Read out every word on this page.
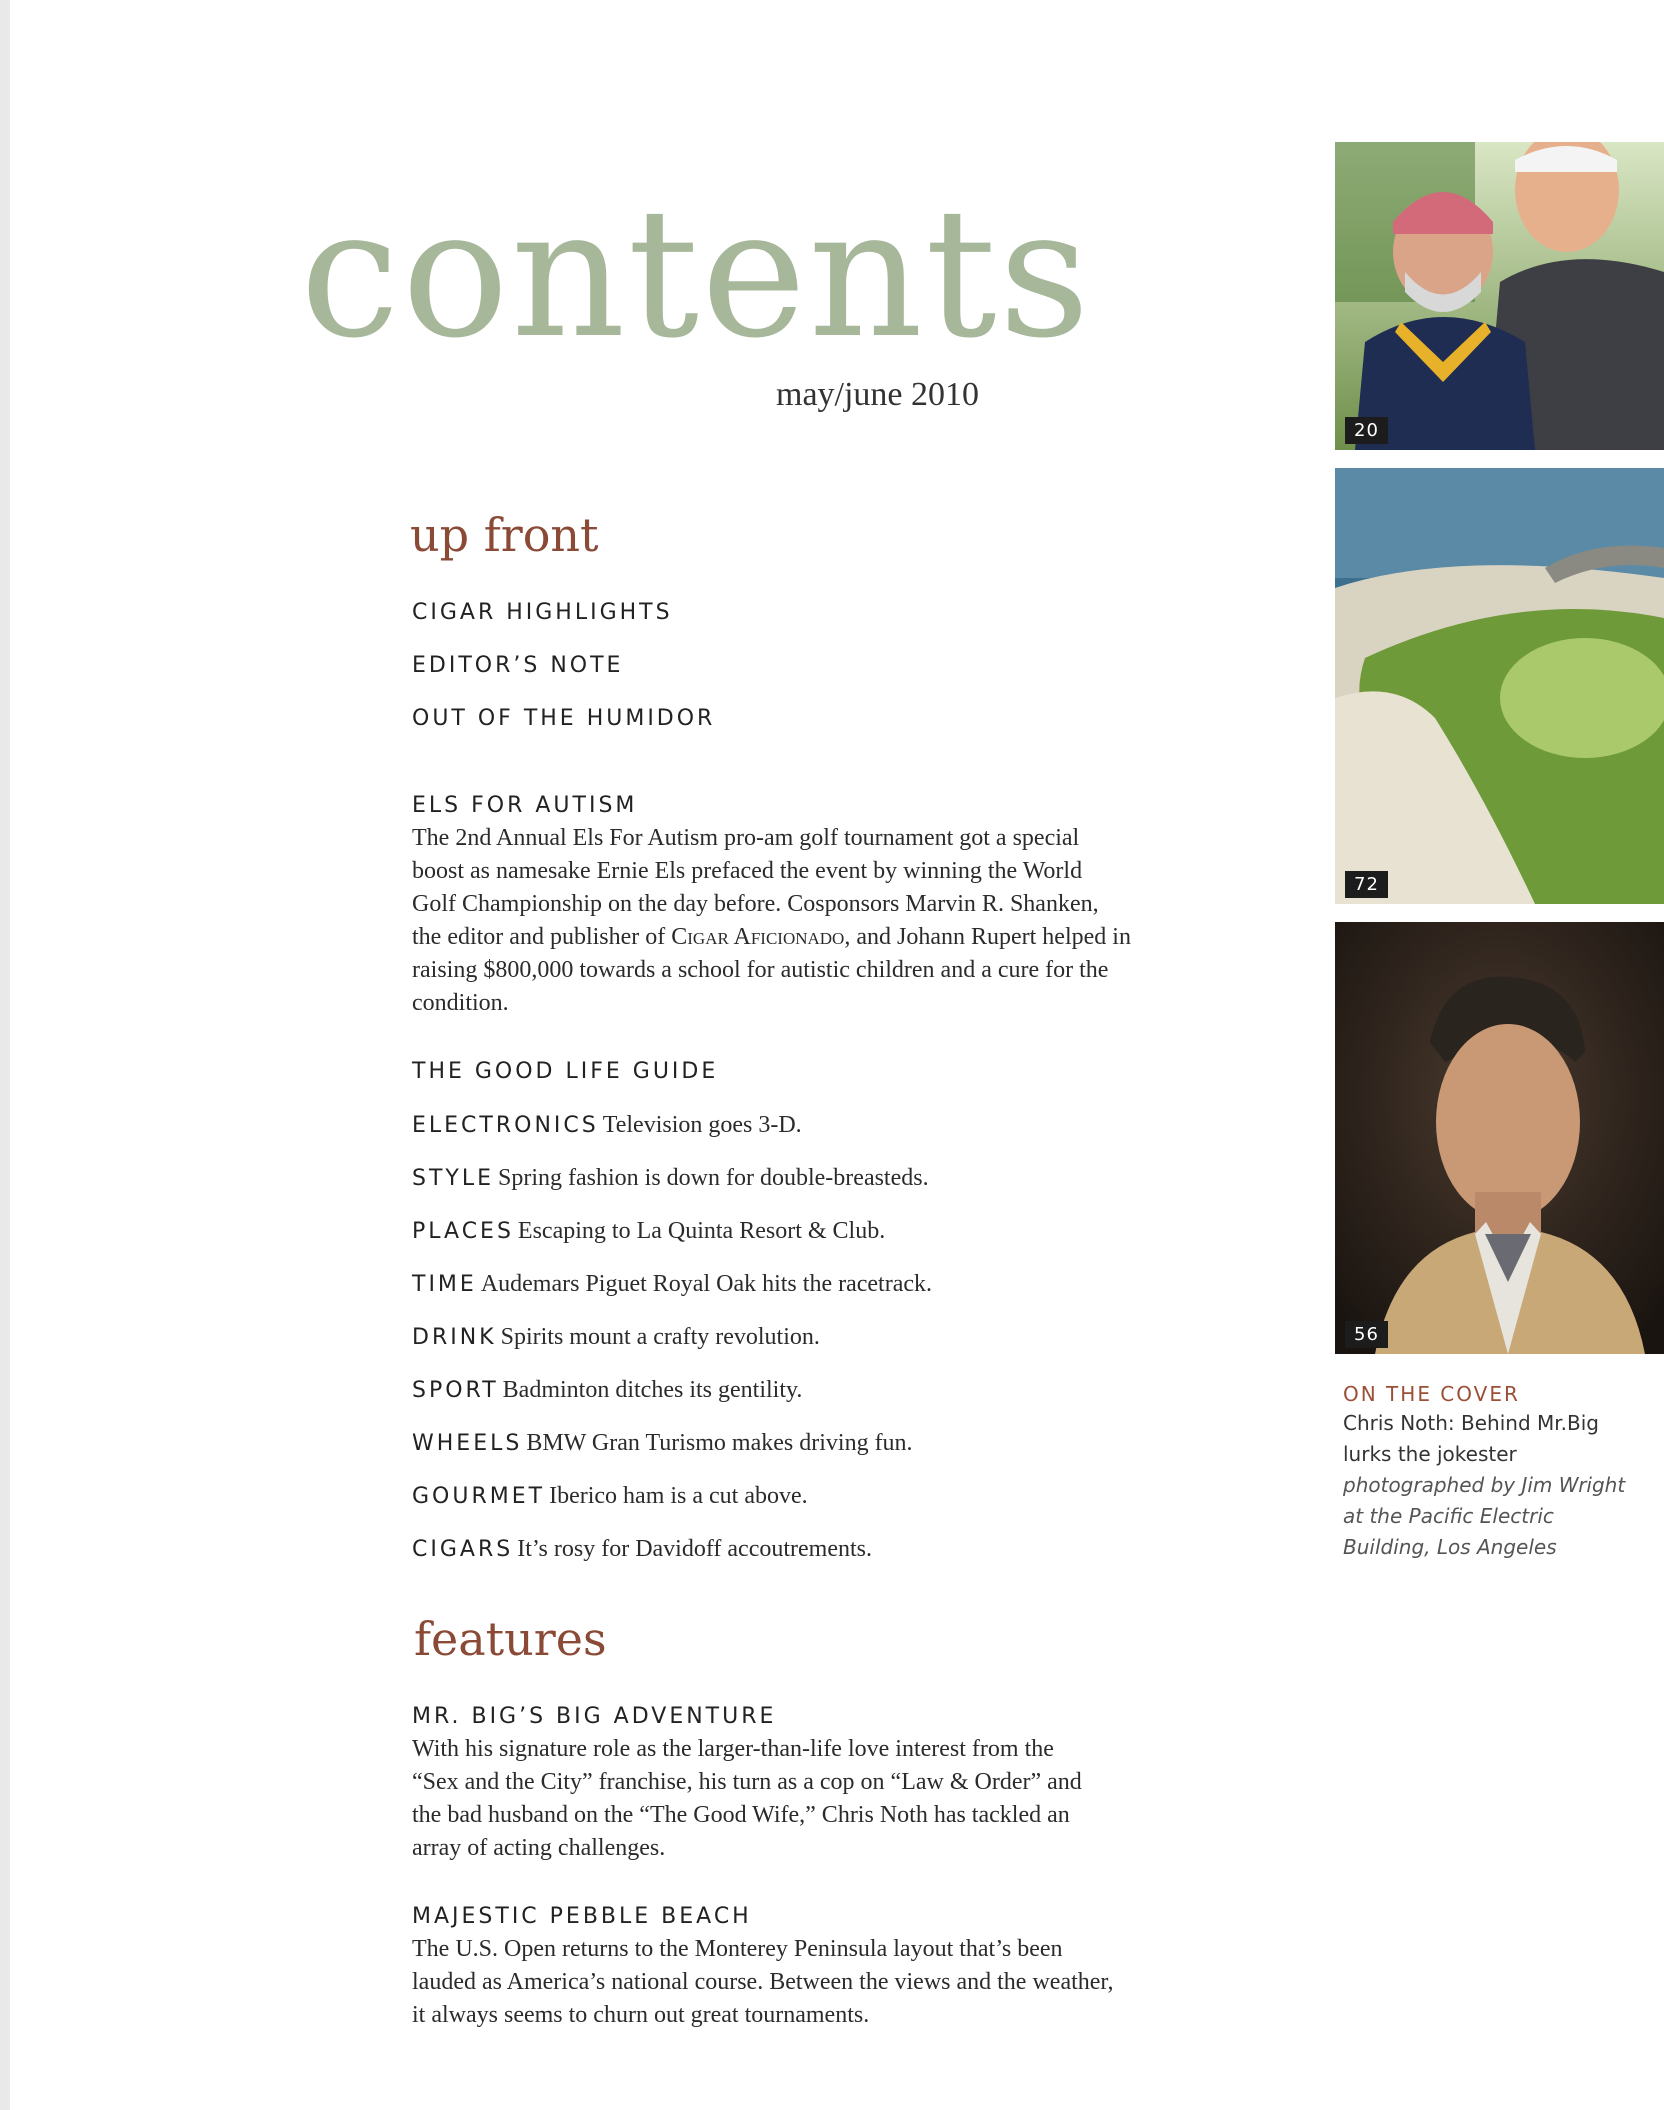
contents
may/june 2010
up front
CIGAR HIGHLIGHTS
EDITOR’S NOTE
OUT OF THE HUMIDOR
ELS FOR AUTISM
The 2nd Annual Els For Autism pro-am golf tournament got a special boost as namesake Ernie Els prefaced the event by winning the World Golf Championship on the day before. Cosponsors Marvin R. Shanken, the editor and publisher of Cigar Aficionado, and Johann Rupert helped in raising $800,000 towards a school for autistic children and a cure for the condition.
THE GOOD LIFE GUIDE
ELECTRONICS Television goes 3-D.
STYLE Spring fashion is down for double-breasteds.
PLACES Escaping to La Quinta Resort & Club.
TIME Audemars Piguet Royal Oak hits the racetrack.
DRINK Spirits mount a crafty revolution.
SPORT Badminton ditches its gentility.
WHEELS BMW Gran Turismo makes driving fun.
GOURMET Iberico ham is a cut above.
CIGARS It’s rosy for Davidoff accoutrements.
features
MR. BIG’S BIG ADVENTURE
With his signature role as the larger-than-life love interest from the “Sex and the City” franchise, his turn as a cop on “Law & Order” and the bad husband on the “The Good Wife,” Chris Noth has tackled an array of acting challenges.
MAJESTIC PEBBLE BEACH
The U.S. Open returns to the Monterey Peninsula layout that’s been lauded as America’s national course. Between the views and the weather, it always seems to churn out great tournaments.
20
72
56
ON THE COVER
Chris Noth: Behind Mr.Big lurks the jokester
photographed by Jim Wright at the Pacific Electric Building, Los Angeles
